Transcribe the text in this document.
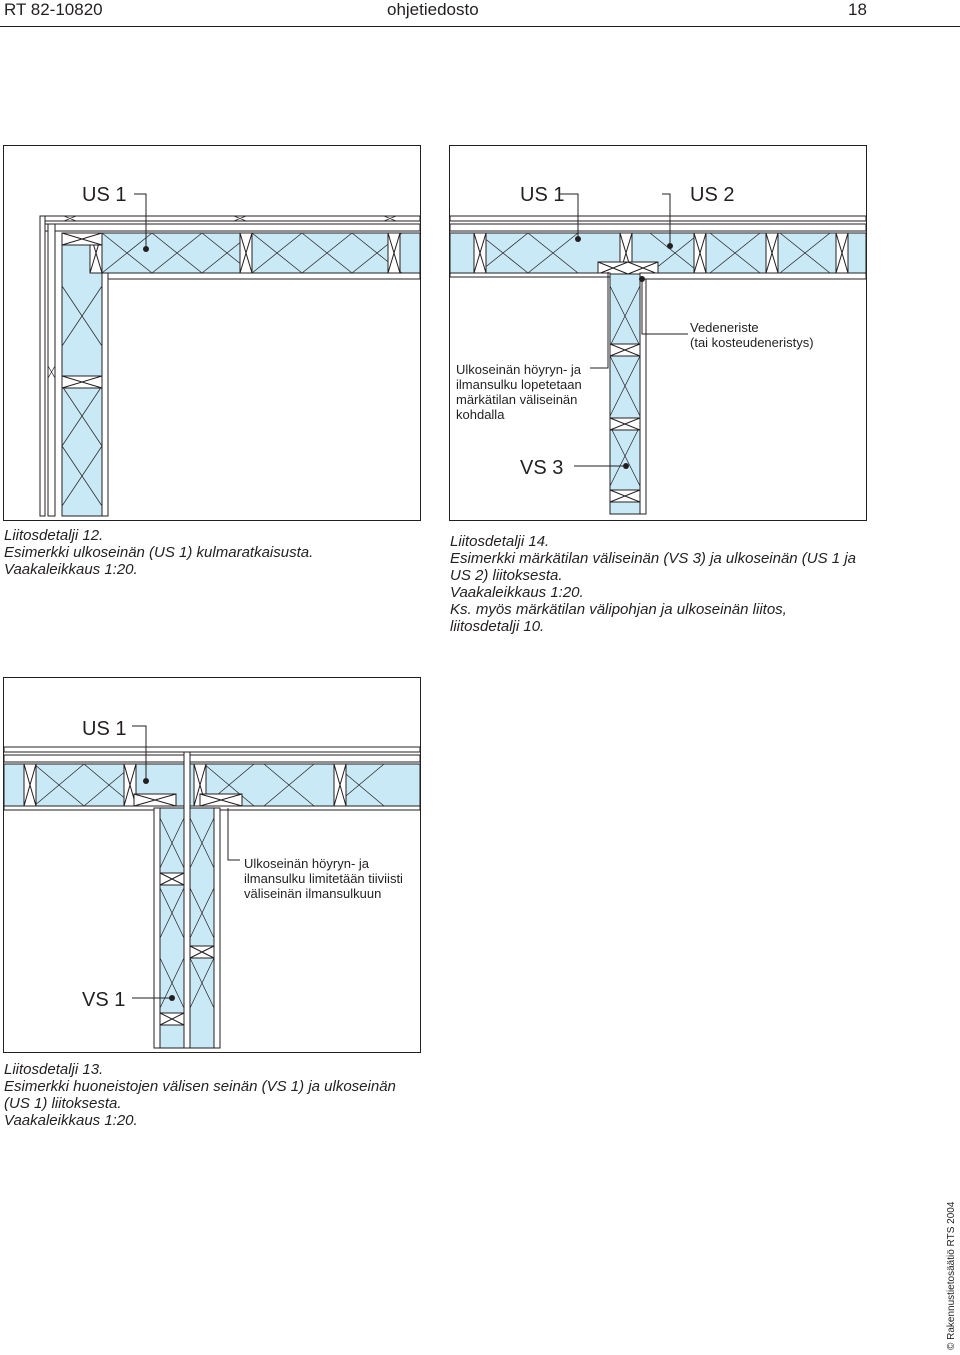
RT 82-10820	ohjetiedosto	18
US 1
Liitosdetalji 12.
Esimerkki ulkoseinän (US 1) kulmaratkaisusta.
Vaakaleikkaus 1:20.
US 1	US 2
VS 3
Vedeneriste
(tai kosteudeneristys)
Ulkoseinän höyryn- ja
ilmansulku lopetetaan
märkätilan väliseinän
kohdalla
Liitosdetalji 14.
Esimerkki märkätilan väliseinän (VS 3) ja ulkoseinän (US 1 ja
US 2) liitoksesta.
Vaakaleikkaus 1:20.
Ks. myös märkätilan välipohjan ja ulkoseinän liitos,
liitosdetalji 10.
US 1
VS 1
Ulkoseinän höyryn- ja
ilmansulku limitetään tiiviisti
väliseinän ilmansulkuun
Liitosdetalji 13.
Esimerkki huoneistojen välisen seinän (VS 1) ja ulkoseinän
(US 1) liitoksesta.
Vaakaleikkaus 1:20.
© Rakennustietosäätiö RTS 2004
